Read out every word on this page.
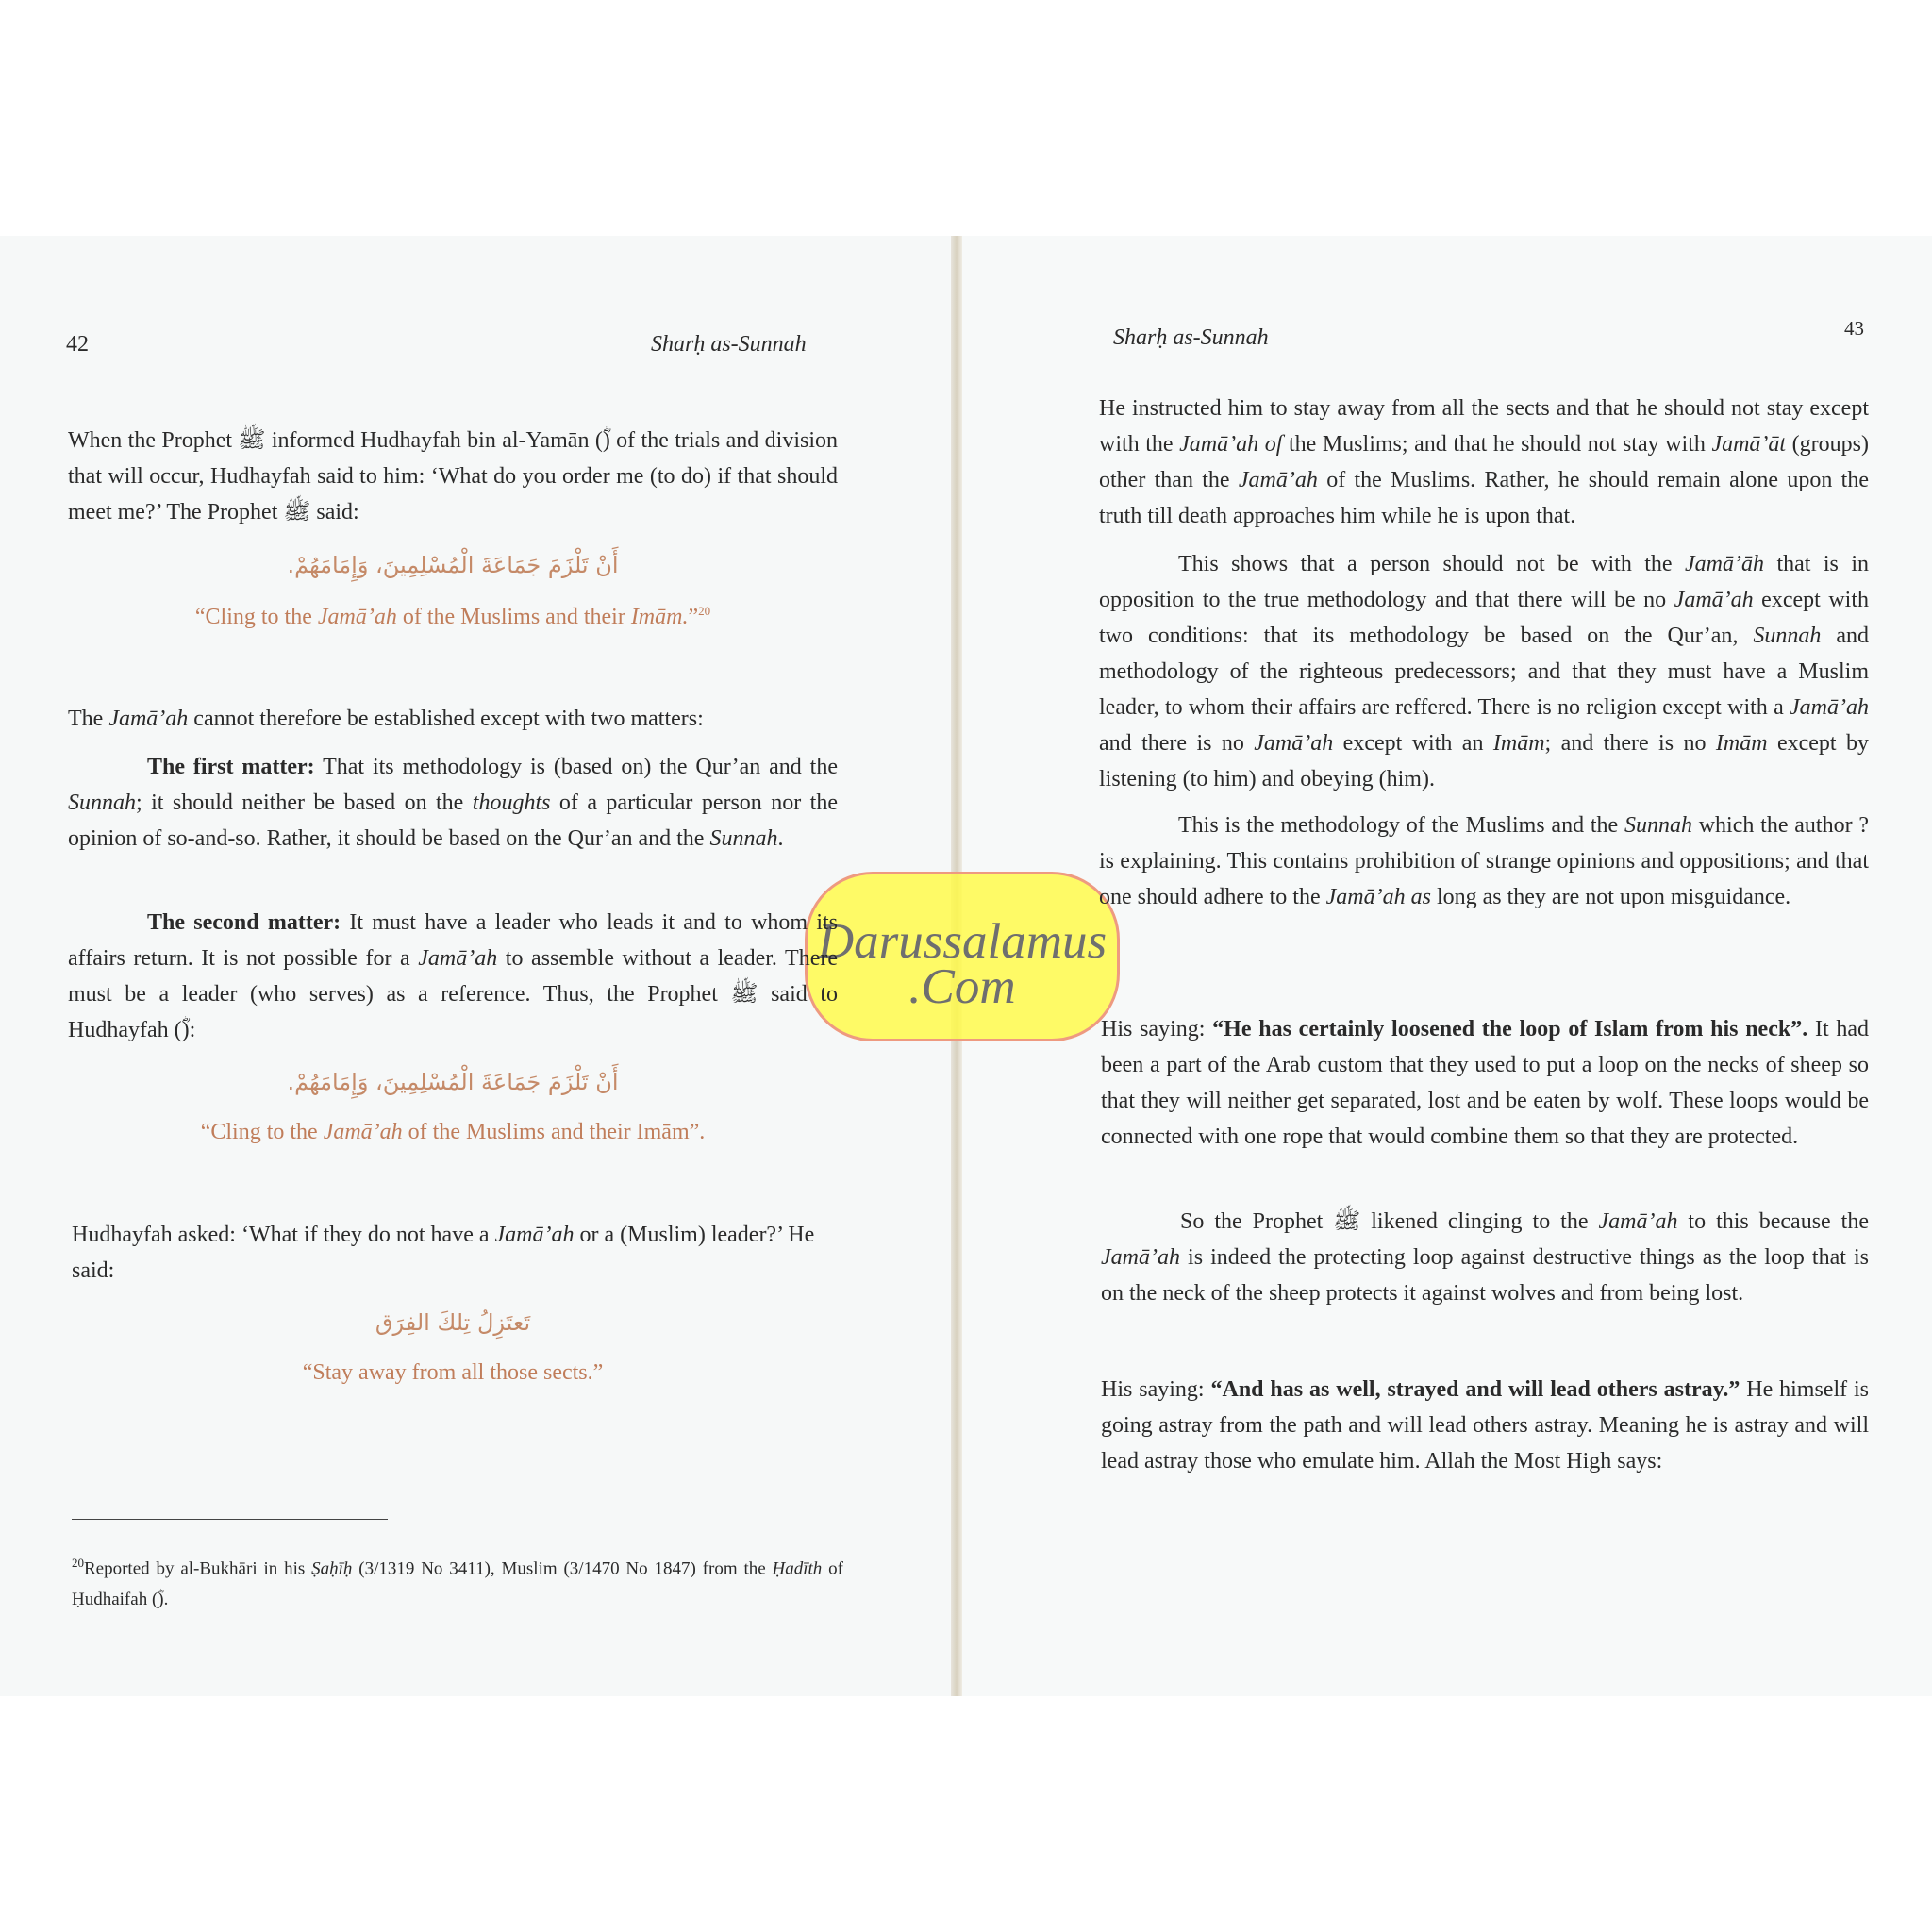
Darussalamus
.Com
42	Sharḥ as-Sunnah
When the Prophet ﷺ informed Hudhayfah bin al-Yamān (ؓ) of the trials and division that will occur, Hudhayfah said to him: ‘What do you order me (to do) if that should meet me?’ The Prophet ﷺ said:
أَنْ تَلْزَمَ جَمَاعَةَ الْمُسْلِمِينَ، وَإِمَامَهُمْ.
“Cling to the Jamā’ah of the Muslims and their Imām.”$^{20}$
The Jamā’ah cannot therefore be established except with two matters:
The first matter: That its methodology is (based on) the Qur’an and the Sunnah; it should neither be based on the thoughts of a particular person nor the opinion of so-and-so. Rather, it should be based on the Qur’an and the Sunnah.
The second matter: It must have a leader who leads it and to whom its affairs return. It is not possible for a Jamā’ah to assemble without a leader. There must be a leader (who serves) as a reference. Thus, the Prophet ﷺ said to Hudhayfah (ؓ):
أَنْ تَلْزَمَ جَمَاعَةَ الْمُسْلِمِينَ، وَإِمَامَهُمْ.
“Cling to the Jamā’ah of the Muslims and their Imām”.
Hudhayfah asked: ‘What if they do not have a Jamā’ah or a (Muslim) leader?’ He said:
تَعتَزِلُ تِلكَ الفِرَق
“Stay away from all those sects.”
$^{20}$Reported by al-Bukhāri in his Ṣaḥīḥ (3/1319 No 3411), Muslim (3/1470 No 1847) from the Ḥadīth of Ḥudhaifah (ؓ).
Sharḥ as-Sunnah	43
He instructed him to stay away from all the sects and that he should not stay except with the Jamā’ah of the Muslims; and that he should not stay with Jamā’āt (groups) other than the Jamā’ah of the Muslims. Rather, he should remain alone upon the truth till death approaches him while he is upon that.
This shows that a person should not be with the Jamā’āh that is in opposition to the true methodology and that there will be no Jamā’ah except with two conditions: that its methodology be based on the Qur’an, Sunnah and methodology of the righteous predecessors; and that they must have a Muslim leader, to whom their affairs are reffered. There is no religion except with a Jamā’ah and there is no Jamā’ah except with an Imām; and there is no Imām except by listening (to him) and obeying (him).
This is the methodology of the Muslims and the Sunnah which the author ? is explaining. This contains prohibition of strange opinions and oppositions; and that one should adhere to the Jamā’ah as long as they are not upon misguidance.
His saying: “He has certainly loosened the loop of Islam from his neck”. It had been a part of the Arab custom that they used to put a loop on the necks of sheep so that they will neither get separated, lost and be eaten by wolf. These loops would be connected with one rope that would combine them so that they are protected.
So the Prophet ﷺ likened clinging to the Jamā’ah to this because the Jamā’ah is indeed the protecting loop against destructive things as the loop that is on the neck of the sheep protects it against wolves and from being lost.
His saying: “And has as well, strayed and will lead others astray.” He himself is going astray from the path and will lead others astray. Meaning he is astray and will lead astray those who emulate him. Allah the Most High says:
